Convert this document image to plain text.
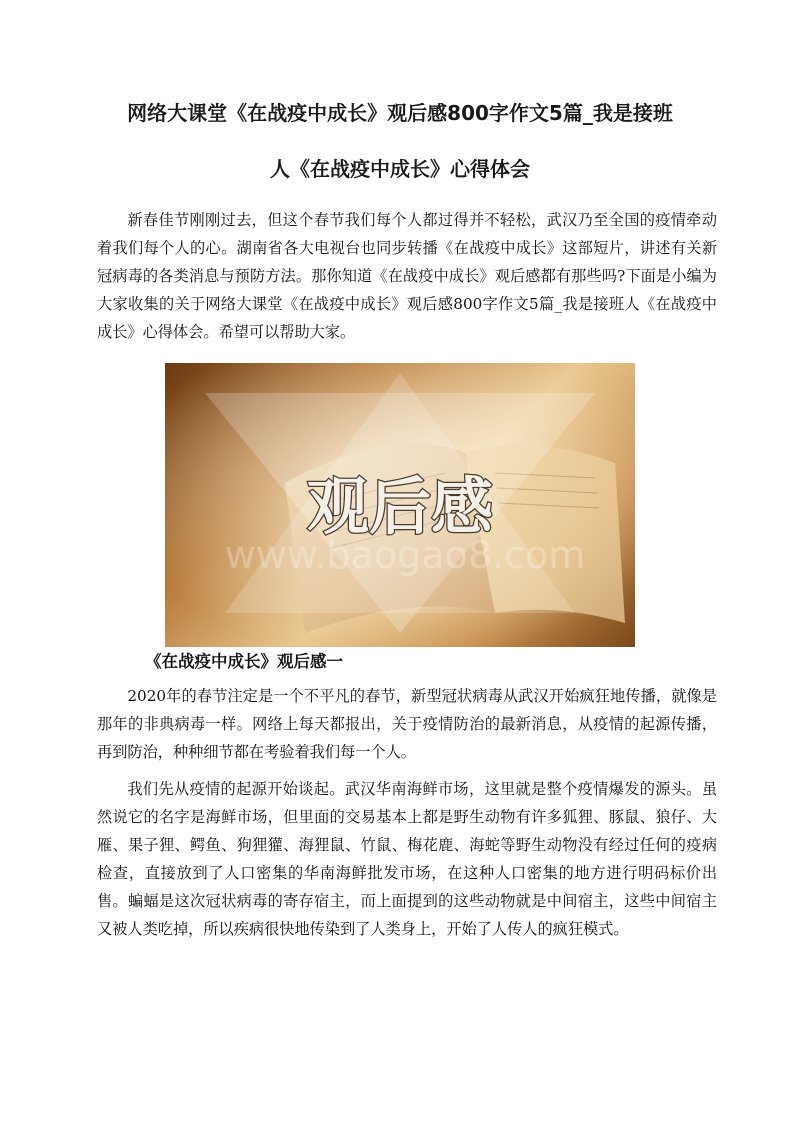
网络大课堂《在战疫中成长》观后感800字作文5篇_我是接班
人《在战疫中成长》心得体会

新春佳节刚刚过去，但这个春节我们每个人都过得并不轻松，武汉乃至全国的疫情牵动着我们每个人的心。湖南省各大电视台也同步转播《在战疫中成长》这部短片，讲述有关新冠病毒的各类消息与预防方法。那你知道《在战疫中成长》观后感都有那些吗?下面是小编为大家收集的关于网络大课堂《在战疫中成长》观后感800字作文5篇_我是接班人《在战疫中成长》心得体会。希望可以帮助大家。

观后感
www.baogao8.com
《在战疫中成长》观后感一

2020年的春节注定是一个不平凡的春节，新型冠状病毒从武汉开始疯狂地传播，就像是那年的非典病毒一样。网络上每天都报出，关于疫情防治的最新消息，从疫情的起源传播，再到防治，种种细节都在考验着我们每一个人。

我们先从疫情的起源开始谈起。武汉华南海鲜市场，这里就是整个疫情爆发的源头。虽然说它的名字是海鲜市场，但里面的交易基本上都是野生动物有许多狐狸、豚鼠、狼仔、大雁、果子狸、鳄鱼、狗狸獾、海狸鼠、竹鼠、梅花鹿、海蛇等野生动物没有经过任何的疫病检查，直接放到了人口密集的华南海鲜批发市场，在这种人口密集的地方进行明码标价出售。蝙蝠是这次冠状病毒的寄存宿主，而上面提到的这些动物就是中间宿主，这些中间宿主又被人类吃掉，所以疾病很快地传染到了人类身上，开始了人传人的疯狂模式。
